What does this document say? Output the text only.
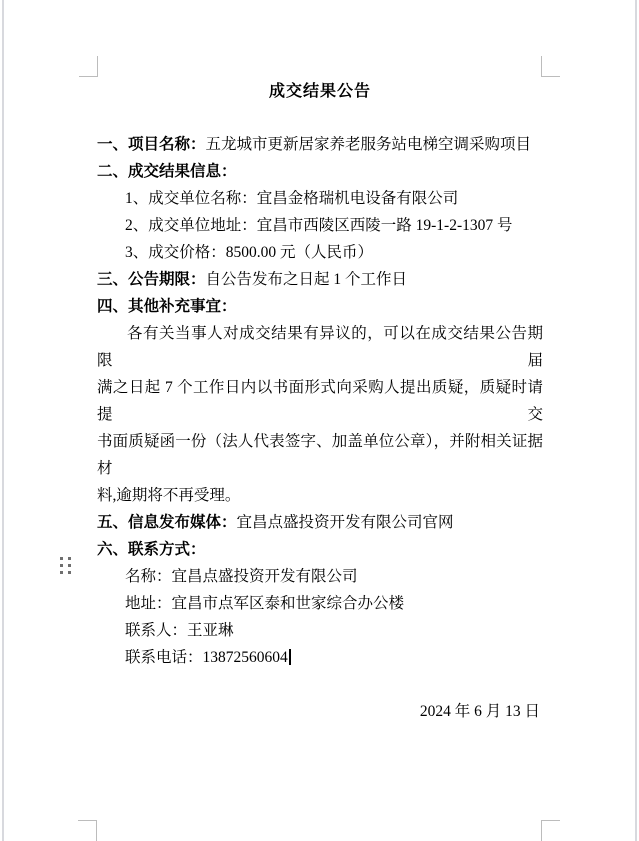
成交结果公告
一、项目名称：五龙城市更新居家养老服务站电梯空调采购项目
二、成交结果信息：
1、成交单位名称：宜昌金格瑞机电设备有限公司
2、成交单位地址：宜昌市西陵区西陵一路 19-1-2-1307 号
3、成交价格：8500.00 元（人民币）
三、公告期限：自公告发布之日起 1 个工作日
四、其他补充事宜：
各有关当事人对成交结果有异议的，可以在成交结果公告期限届
满之日起 7 个工作日内以书面形式向采购人提出质疑，质疑时请提交
书面质疑函一份（法人代表签字、加盖单位公章），并附相关证据材
料,逾期将不再受理。
五、信息发布媒体：宜昌点盛投资开发有限公司官网
六、联系方式：
名称：宜昌点盛投资开发有限公司
地址：宜昌市点军区泰和世家综合办公楼
联系人：王亚琳
联系电话：13872560604
2024 年 6 月 13 日
